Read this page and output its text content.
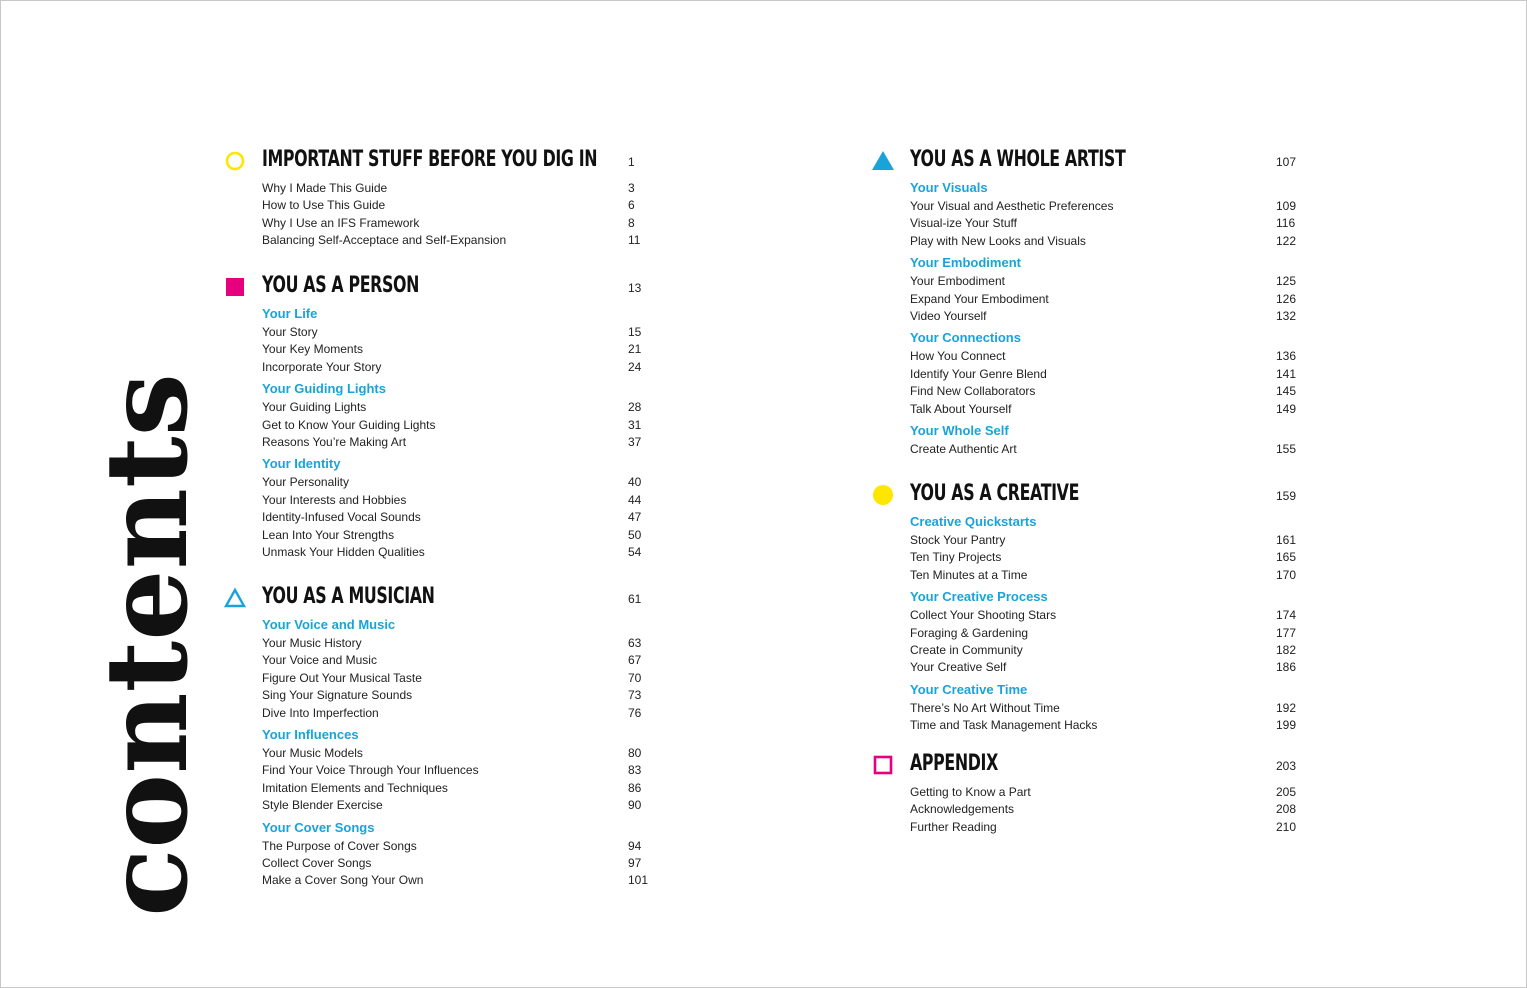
contents
IMPORTANT STUFF BEFORE YOU DIG IN	1
Why I Made This Guide	3
How to Use This Guide	6
Why I Use an IFS Framework	8
Balancing Self-Acceptace and Self-Expansion	11
YOU AS A PERSON	13
Your Life
Your Story	15
Your Key Moments	21
Incorporate Your Story	24
Your Guiding Lights
Your Guiding Lights	28
Get to Know Your Guiding Lights	31
Reasons You’re Making Art	37
Your Identity
Your Personality	40
Your Interests and Hobbies	44
Identity-Infused Vocal Sounds	47
Lean Into Your Strengths	50
Unmask Your Hidden Qualities	54
YOU AS A MUSICIAN	61
Your Voice and Music
Your Music History	63
Your Voice and Music	67
Figure Out Your Musical Taste	70
Sing Your Signature Sounds	73
Dive Into Imperfection	76
Your Influences
Your Music Models	80
Find Your Voice Through Your Influences	83
Imitation Elements and Techniques	86
Style Blender Exercise	90
Your Cover Songs
The Purpose of Cover Songs	94
Collect Cover Songs	97
Make a Cover Song Your Own	101
YOU AS A WHOLE ARTIST	107
Your Visuals
Your Visual and Aesthetic Preferences	109
Visual-ize Your Stuff	116
Play with New Looks and Visuals	122
Your Embodiment
Your Embodiment	125
Expand Your Embodiment	126
Video Yourself	132
Your Connections
How You Connect	136
Identify Your Genre Blend	141
Find New Collaborators	145
Talk About Yourself	149
Your Whole Self
Create Authentic Art	155
YOU AS A CREATIVE	159
Creative Quickstarts
Stock Your Pantry	161
Ten Tiny Projects	165
Ten Minutes at a Time	170
Your Creative Process
Collect Your Shooting Stars	174
Foraging & Gardening	177
Create in Community	182
Your Creative Self	186
Your Creative Time
There’s No Art Without Time	192
Time and Task Management Hacks	199
APPENDIX	203
Getting to Know a Part	205
Acknowledgements	208
Further Reading	210
